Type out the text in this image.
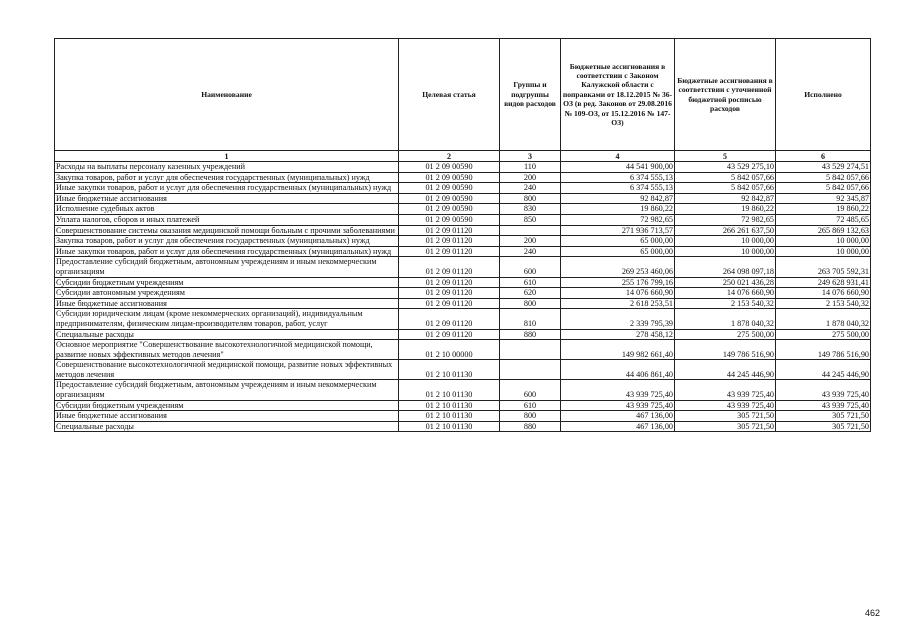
Наименование	Целевая статья	Группы и подгруппы видов расходов	Бюджетные ассигнования в соответствии с Законом Калужской области с поправками от 18.12.2015 № 36-ОЗ (в ред. Законов от 29.08.2016 № 109-ОЗ, от 15.12.2016 № 147-ОЗ)	Бюджетные ассигнования в соответствии с уточненной бюджетной росписью расходов	Исполнено
1	2	3	4	5	6
Расходы на выплаты персоналу казенных учреждений	01 2 09 00590	110	44 541 900,00	43 529 275,10	43 529 274,51
Закупка товаров, работ и услуг для обеспечения государственных (муниципальных) нужд	01 2 09 00590	200	6 374 555,13	5 842 057,66	5 842 057,66
Иные закупки товаров, работ и услуг для обеспечения государственных (муниципальных) нужд	01 2 09 00590	240	6 374 555,13	5 842 057,66	5 842 057,66
Иные бюджетные ассигнования	01 2 09 00590	800	92 842,87	92 842,87	92 345,87
Исполнение судебных актов	01 2 09 00590	830	19 860,22	19 860,22	19 860,22
Уплата налогов, сборов и иных платежей	01 2 09 00590	850	72 982,65	72 982,65	72 485,65
Совершенствование системы оказания медицинской помощи больным с прочими заболеваниями	01 2 09 01120		271 936 713,57	266 261 637,50	265 869 132,63
Закупка товаров, работ и услуг для обеспечения государственных (муниципальных) нужд	01 2 09 01120	200	65 000,00	10 000,00	10 000,00
Иные закупки товаров, работ и услуг для обеспечения государственных (муниципальных) нужд	01 2 09 01120	240	65 000,00	10 000,00	10 000,00
Предоставление субсидий бюджетным, автономным учреждениям и иным некоммерческим организациям	01 2 09 01120	600	269 253 460,06	264 098 097,18	263 705 592,31
Субсидии бюджетным учреждениям	01 2 09 01120	610	255 176 799,16	250 021 436,28	249 628 931,41
Субсидии автономным учреждениям	01 2 09 01120	620	14 076 660,90	14 076 660,90	14 076 660,90
Иные бюджетные ассигнования	01 2 09 01120	800	2 618 253,51	2 153 540,32	2 153 540,32
Субсидии юридическим лицам (кроме некоммерческих организаций), индивидуальным предпринимателям, физическим лицам-производителям товаров, работ, услуг	01 2 09 01120	810	2 339 795,39	1 878 040,32	1 878 040,32
Специальные расходы	01 2 09 01120	880	278 458,12	275 500,00	275 500,00
Основное мероприятие "Совершенствование высокотехнологичной медицинской помощи, развитие новых эффективных методов лечения"	01 2 10 00000		149 982 661,40	149 786 516,90	149 786 516,90
Совершенствование высокотехнологичной медицинской помощи, развитие новых эффективных методов лечения	01 2 10 01130		44 406 861,40	44 245 446,90	44 245 446,90
Предоставление субсидий бюджетным, автономным учреждениям и иным некоммерческим организациям	01 2 10 01130	600	43 939 725,40	43 939 725,40	43 939 725,40
Субсидии бюджетным учреждениям	01 2 10 01130	610	43 939 725,40	43 939 725,40	43 939 725,40
Иные бюджетные ассигнования	01 2 10 01130	800	467 136,00	305 721,50	305 721,50
Специальные расходы	01 2 10 01130	880	467 136,00	305 721,50	305 721,50
462
